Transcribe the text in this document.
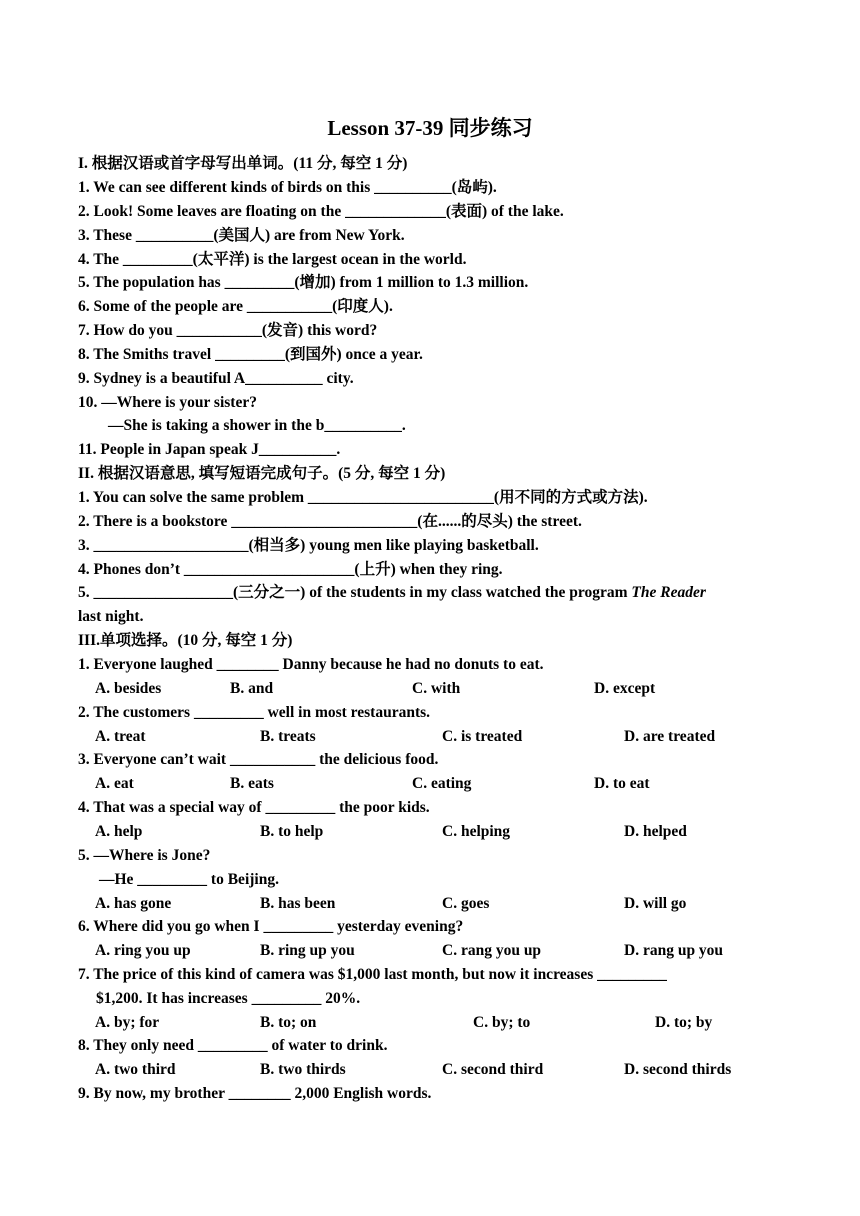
Lesson 37-39 同步练习
I. 根据汉语或首字母写出单词。(11 分, 每空 1 分)
1. We can see different kinds of birds on this __________(岛屿).
2. Look! Some leaves are floating on the _____________(表面) of the lake.
3. These __________(美国人) are from New York.
4. The _________(太平洋) is the largest ocean in the world.
5. The population has _________(增加) from 1 million to 1.3 million.
6. Some of the people are ___________(印度人).
7. How do you ___________(发音) this word?
8. The Smiths travel _________(到国外) once a year.
9. Sydney is a beautiful A__________ city.
10. —Where is your sister?
—She is taking a shower in the b__________.
11. People in Japan speak J__________.
II. 根据汉语意思, 填写短语完成句子。(5 分, 每空 1 分)
1. You can solve the same problem ________________________(用不同的方式或方法).
2. There is a bookstore ________________________(在......的尽头) the street.
3. ____________________(相当多) young men like playing basketball.
4. Phones don’t ______________________(上升) when they ring.
5. __________________(三分之一) of the students in my class watched the program The Reader
last night.
III.单项选择。(10 分, 每空 1 分)
1. Everyone laughed ________ Danny because he had no donuts to eat.
A. besides	B. and	C. with	D. except
2. The customers _________ well in most restaurants.
A. treat	B. treats	C. is treated	D. are treated
3. Everyone can’t wait ___________ the delicious food.
A. eat	B. eats	C. eating	D. to eat
4. That was a special way of _________ the poor kids.
A. help	B. to help	C. helping	D. helped
5. —Where is Jone?
—He _________ to Beijing.
A. has gone	B. has been	C. goes	D. will go
6. Where did you go when I _________ yesterday evening?
A. ring you up	B. ring up you	C. rang you up	D. rang up you
7. The price of this kind of camera was $1,000 last month, but now it increases _________
$1,200. It has increases _________ 20%.
A. by; for	B. to; on	C. by; to	D. to; by
8. They only need _________ of water to drink.
A. two third	B. two thirds	C. second third	D. second thirds
9. By now, my brother ________ 2,000 English words.
